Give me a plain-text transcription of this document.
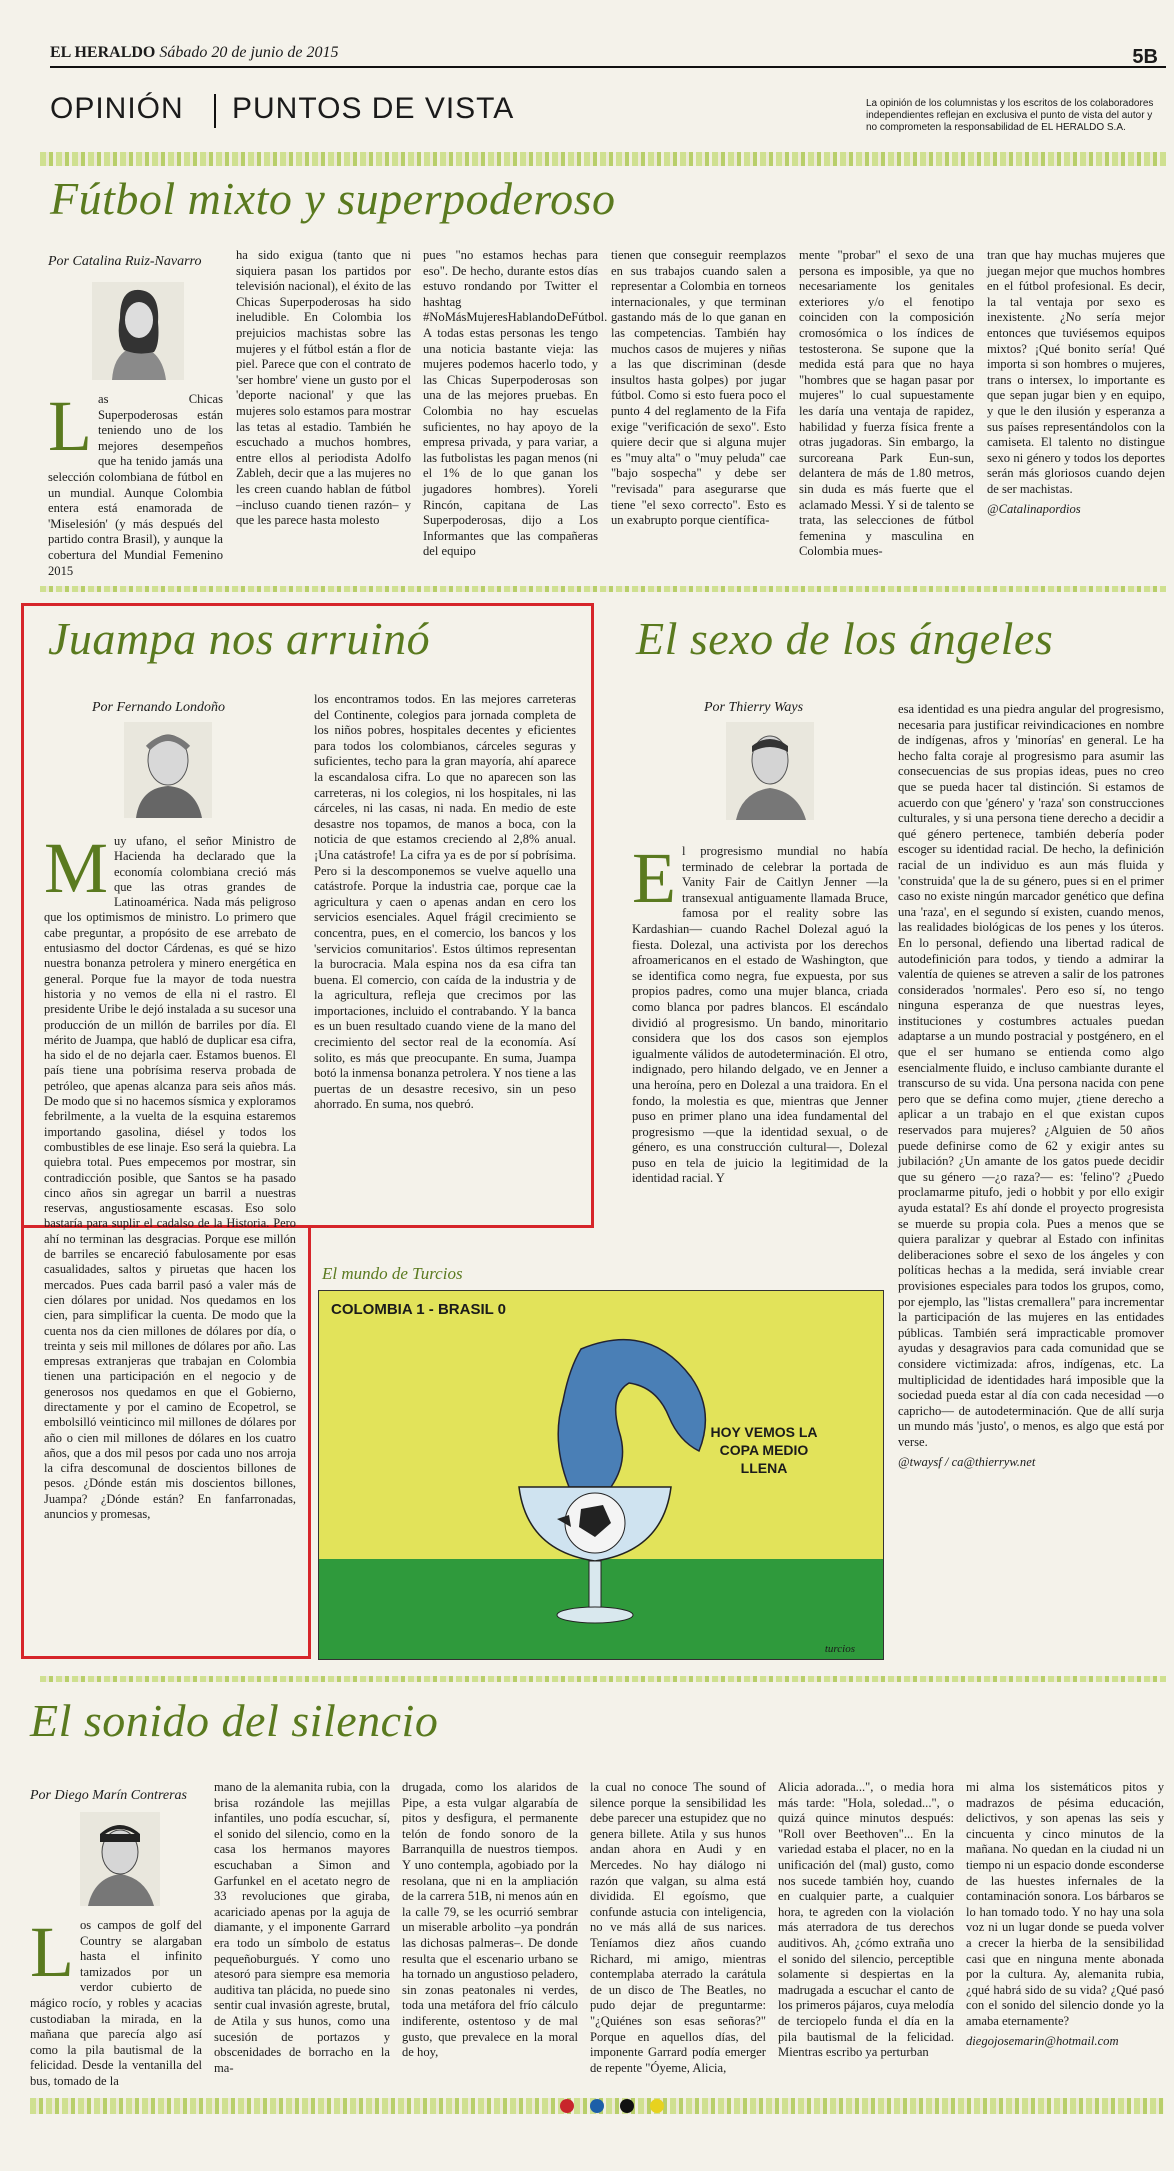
EL HERALDO Sábado 20 de junio de 2015	5B
OPINIÓN PUNTOS DE VISTA	La opinión de los columnistas y los escritos de los colaboradores independientes reflejan en exclusiva el punto de vista del autor y no comprometen la responsabilidad de EL HERALDO S.A.
Fútbol mixto y superpoderoso
Por Catalina Ruiz-Navarro
Las Chicas Superpoderosas están teniendo uno de los mejores desempeños que ha tenido jamás una selección colombiana de fútbol en un mundial. Aunque Colombia entera está enamorada de 'Miselesión' (y más después del partido contra Brasil), y aunque la cobertura del Mundial Femenino 2015
ha sido exigua (tanto que ni siquiera pasan los partidos por televisión nacional), el éxito de las Chicas Superpoderosas ha sido ineludible. En Colombia los prejuicios machistas sobre las mujeres y el fútbol están a flor de piel. Parece que con el contrato de 'ser hombre' viene un gusto por el 'deporte nacional' y que las mujeres solo estamos para mostrar las tetas al estadio. También he escuchado a muchos hombres, entre ellos al periodista Adolfo Zableh, decir que a las mujeres no les creen cuando hablan de fútbol –incluso cuando tienen razón– y que les parece hasta molesto
pues "no estamos hechas para eso". De hecho, durante estos días estuvo rondando por Twitter el hashtag #NoMásMujeresHablandoDeFútbol. A todas estas personas les tengo una noticia bastante vieja: las mujeres podemos hacerlo todo, y las Chicas Superpoderosas son una de las mejores pruebas. En Colombia no hay escuelas suficientes, no hay apoyo de la empresa privada, y para variar, a las futbolistas les pagan menos (ni el 1% de lo que ganan los jugadores hombres). Yoreli Rincón, capitana de Las Superpoderosas, dijo a Los Informantes que las compañeras del equipo
tienen que conseguir reemplazos en sus trabajos cuando salen a representar a Colombia en torneos internacionales, y que terminan gastando más de lo que ganan en las competencias. También hay muchos casos de mujeres y niñas a las que discriminan (desde insultos hasta golpes) por jugar fútbol. Como si esto fuera poco el punto 4 del reglamento de la Fifa exige "verificación de sexo". Esto quiere decir que si alguna mujer es "muy alta" o "muy peluda" cae "bajo sospecha" y debe ser "revisada" para asegurarse que tiene "el sexo correcto". Esto es un exabrupto porque científica-
mente "probar" el sexo de una persona es imposible, ya que no necesariamente los genitales exteriores y/o el fenotipo coinciden con la composición cromosómica o los índices de testosterona. Se supone que la medida está para que no haya "hombres que se hagan pasar por mujeres" lo cual supuestamente les daría una ventaja de rapidez, habilidad y fuerza física frente a otras jugadoras. Sin embargo, la surcoreana Park Eun-sun, delantera de más de 1.80 metros, sin duda es más fuerte que el aclamado Messi. Y si de talento se trata, las selecciones de fútbol femenina y masculina en Colombia mues-
tran que hay muchas mujeres que juegan mejor que muchos hombres en el fútbol profesional. Es decir, la tal ventaja por sexo es inexistente. ¿No sería mejor entonces que tuviésemos equipos mixtos? ¡Qué bonito sería! Qué importa si son hombres o mujeres, trans o intersex, lo importante es que sepan jugar bien y en equipo, y que le den ilusión y esperanza a sus países representándolos con la camiseta. El talento no distingue sexo ni género y todos los deportes serán más gloriosos cuando dejen de ser machistas.
@Catalinapordios
Juampa nos arruinó
Por Fernando Londoño
Muy ufano, el señor Ministro de Hacienda ha declarado que la economía colombiana creció más que las otras grandes de Latinoamérica. Nada más peligroso que los optimismos de ministro. Lo primero que cabe preguntar, a propósito de ese arrebato de entusiasmo del doctor Cárdenas, es qué se hizo nuestra bonanza petrolera y minero energética en general. Porque fue la mayor de toda nuestra historia y no vemos de ella ni el rastro. El presidente Uribe le dejó instalada a su sucesor una producción de un millón de barriles por día. El mérito de Juampa, que habló de duplicar esa cifra, ha sido el de no dejarla caer. Estamos buenos. El país tiene una pobrísima reserva probada de petróleo, que apenas alcanza para seis años más. De modo que si no hacemos sísmica y exploramos febrilmente, a la vuelta de la esquina estaremos importando gasolina, diésel y todos los combustibles de ese linaje. Eso será la quiebra. La quiebra total. Pues empecemos por mostrar, sin contradicción posible, que Santos se ha pasado cinco años sin agregar un barril a nuestras reservas, angustiosamente escasas. Eso solo bastaría para suplir el cadalso de la Historia. Pero ahí no terminan las desgracias. Porque ese millón de barriles se encareció fabulosamente por esas casualidades, saltos y piruetas que hacen los mercados. Pues cada barril pasó a valer más de cien dólares por unidad. Nos quedamos en los cien, para simplificar la cuenta. De modo que la cuenta nos da cien millones de dólares por día, o treinta y seis mil millones de dólares por año. Las empresas extranjeras que trabajan en Colombia tienen una participación en el negocio y de generosos nos quedamos en que el Gobierno, directamente y por el camino de Ecopetrol, se embolsilló veinticinco mil millones de dólares por año o cien mil millones de dólares en los cuatro años, que a dos mil pesos por cada uno nos arroja la cifra descomunal de doscientos billones de pesos. ¿Dónde están mis doscientos billones, Juampa? ¿Dónde están? En fanfarronadas, anuncios y promesas,
los encontramos todos. En las mejores carreteras del Continente, colegios para jornada completa de los niños pobres, hospitales decentes y eficientes para todos los colombianos, cárceles seguras y suficientes, techo para la gran mayoría, ahí aparece la escandalosa cifra. Lo que no aparecen son las carreteras, ni los colegios, ni los hospitales, ni las cárceles, ni las casas, ni nada. En medio de este desastre nos topamos, de manos a boca, con la noticia de que estamos creciendo al 2,8% anual. ¡Una catástrofe! La cifra ya es de por sí pobrísima. Pero si la descomponemos se vuelve aquello una catástrofe. Porque la industria cae, porque cae la agricultura y caen o apenas andan en cero los servicios esenciales. Aquel frágil crecimiento se concentra, pues, en el comercio, los bancos y los 'servicios comunitarios'. Estos últimos representan la burocracia. Mala espina nos da esa cifra tan buena. El comercio, con caída de la industria y de la agricultura, refleja que crecimos por las importaciones, incluido el contrabando. Y la banca es un buen resultado cuando viene de la mano del crecimiento del sector real de la economía. Así solito, es más que preocupante. En suma, Juampa botó la inmensa bonanza petrolera. Y nos tiene a las puertas de un desastre recesivo, sin un peso ahorrado. En suma, nos quebró.
El sexo de los ángeles
Por Thierry Ways
El progresismo mundial no había terminado de celebrar la portada de Vanity Fair de Caitlyn Jenner —la transexual antiguamente llamada Bruce, famosa por el reality sobre las Kardashian— cuando Rachel Dolezal aguó la fiesta. Dolezal, una activista por los derechos afroamericanos en el estado de Washington, que se identifica como negra, fue expuesta, por sus propios padres, como una mujer blanca, criada como blanca por padres blancos. El escándalo dividió al progresismo. Un bando, minoritario considera que los dos casos son ejemplos igualmente válidos de autodeterminación. El otro, indignado, pero hilando delgado, ve en Jenner a una heroína, pero en Dolezal a una traidora. En el fondo, la molestia es que, mientras que Jenner puso en primer plano una idea fundamental del progresismo —que la identidad sexual, o de género, es una construcción cultural—, Dolezal puso en tela de juicio la legitimidad de la identidad racial. Y
esa identidad es una piedra angular del progresismo, necesaria para justificar reivindicaciones en nombre de indígenas, afros y 'minorías' en general. Le ha hecho falta coraje al progresismo para asumir las consecuencias de sus propias ideas, pues no creo que se pueda hacer tal distinción. Si estamos de acuerdo con que 'género' y 'raza' son construcciones culturales, y si una persona tiene derecho a decidir a qué género pertenece, también debería poder escoger su identidad racial. De hecho, la definición racial de un individuo es aun más fluida y 'construida' que la de su género, pues si en el primer caso no existe ningún marcador genético que defina una 'raza', en el segundo sí existen, cuando menos, las realidades biológicas de los penes y los úteros. En lo personal, defiendo una libertad radical de autodefinición para todos, y tiendo a admirar la valentía de quienes se atreven a salir de los patrones considerados 'normales'. Pero eso sí, no tengo ninguna esperanza de que nuestras leyes, instituciones y costumbres actuales puedan adaptarse a un mundo postracial y postgénero, en el que el ser humano se entienda como algo esencialmente fluido, e incluso cambiante durante el transcurso de su vida. Una persona nacida con pene pero que se defina como mujer, ¿tiene derecho a aplicar a un trabajo en el que existan cupos reservados para mujeres? ¿Alguien de 50 años puede definirse como de 62 y exigir antes su jubilación? ¿Un amante de los gatos puede decidir que su género —¿o raza?— es: 'felino'? ¿Puedo proclamarme pitufo, jedi o hobbit y por ello exigir ayuda estatal? Es ahí donde el proyecto progresista se muerde su propia cola. Pues a menos que se quiera paralizar y quebrar al Estado con infinitas deliberaciones sobre el sexo de los ángeles y con políticas hechas a la medida, será inviable crear provisiones especiales para todos los grupos, como, por ejemplo, las "listas cremallera" para incrementar la participación de las mujeres en las entidades públicas. También será impracticable promover ayudas y desagravios para cada comunidad que se considere victimizada: afros, indígenas, etc. La multiplicidad de identidades hará imposible que la sociedad pueda estar al día con cada necesidad —o capricho— de autodeterminación. Que de allí surja un mundo más 'justo', o menos, es algo que está por verse.
@twaysf / ca@thierryw.net
El mundo de Turcios
COLOMBIA 1 - BRASIL 0
HOY VEMOS LA COPA MEDIO LLENA
turcios
El sonido del silencio
Por Diego Marín Contreras
Los campos de golf del Country se alargaban hasta el infinito tamizados por un verdor cubierto de mágico rocío, y robles y acacias custodiaban la mirada, en la mañana que parecía algo así como la pila bautismal de la felicidad. Desde la ventanilla del bus, tomado de la
mano de la alemanita rubia, con la brisa rozándole las mejillas infantiles, uno podía escuchar, sí, el sonido del silencio, como en la casa los hermanos mayores escuchaban a Simon and Garfunkel en el acetato negro de 33 revoluciones que giraba, acariciado apenas por la aguja de diamante, y el imponente Garrard era todo un símbolo de estatus pequeñoburgués. Y como uno atesoró para siempre esa memoria auditiva tan plácida, no puede sino sentir cual invasión agreste, brutal, de Atila y sus hunos, como una sucesión de portazos y obscenidades de borracho en la ma-
drugada, como los alaridos de Pipe, a esta vulgar algarabía de pitos y desfigura, el permanente telón de fondo sonoro de la Barranquilla de nuestros tiempos. Y uno contempla, agobiado por la resolana, que ni en la ampliación de la carrera 51B, ni menos aún en la calle 79, se les ocurrió sembrar un miserable arbolito –ya pondrán las dichosas palmeras–. De donde resulta que el escenario urbano se ha tornado un angustioso peladero, sin zonas peatonales ni verdes, toda una metáfora del frío cálculo indiferente, ostentoso y de mal gusto, que prevalece en la moral de hoy,
la cual no conoce The sound of silence porque la sensibilidad les debe parecer una estupidez que no genera billete. Atila y sus hunos andan ahora en Audi y en Mercedes. No hay diálogo ni razón que valgan, su alma está dividida. El egoísmo, que confunde astucia con inteligencia, no ve más allá de sus narices. Teníamos diez años cuando Richard, mi amigo, mientras contemplaba aterrado la carátula de un disco de The Beatles, no pudo dejar de preguntarme: "¿Quiénes son esas señoras?" Porque en aquellos días, del imponente Garrard podía emerger de repente "Óyeme, Alicia,
Alicia adorada...", o media hora más tarde: "Hola, soledad...", o quizá quince minutos después: "Roll over Beethoven"... En la variedad estaba el placer, no en la unificación del (mal) gusto, como nos sucede también hoy, cuando en cualquier parte, a cualquier hora, te agreden con la violación más aterradora de tus derechos auditivos. Ah, ¿cómo extraña uno el sonido del silencio, perceptible solamente si despiertas en la madrugada a escuchar el canto de los primeros pájaros, cuya melodía de terciopelo funda el día en la pila bautismal de la felicidad. Mientras escribo ya perturban
mi alma los sistemáticos pitos y madrazos de pésima educación, delictivos, y son apenas las seis y cincuenta y cinco minutos de la mañana. No quedan en la ciudad ni un tiempo ni un espacio donde esconderse de las huestes infernales de la contaminación sonora. Los bárbaros se lo han tomado todo. Y no hay una sola voz ni un lugar donde se pueda volver a crecer la hierba de la sensibilidad casi que en ninguna mente abonada por la cultura. Ay, alemanita rubia, ¿qué habrá sido de su vida? ¿Qué pasó con el sonido del silencio donde yo la amaba eternamente?
diegojosemarin@hotmail.com
